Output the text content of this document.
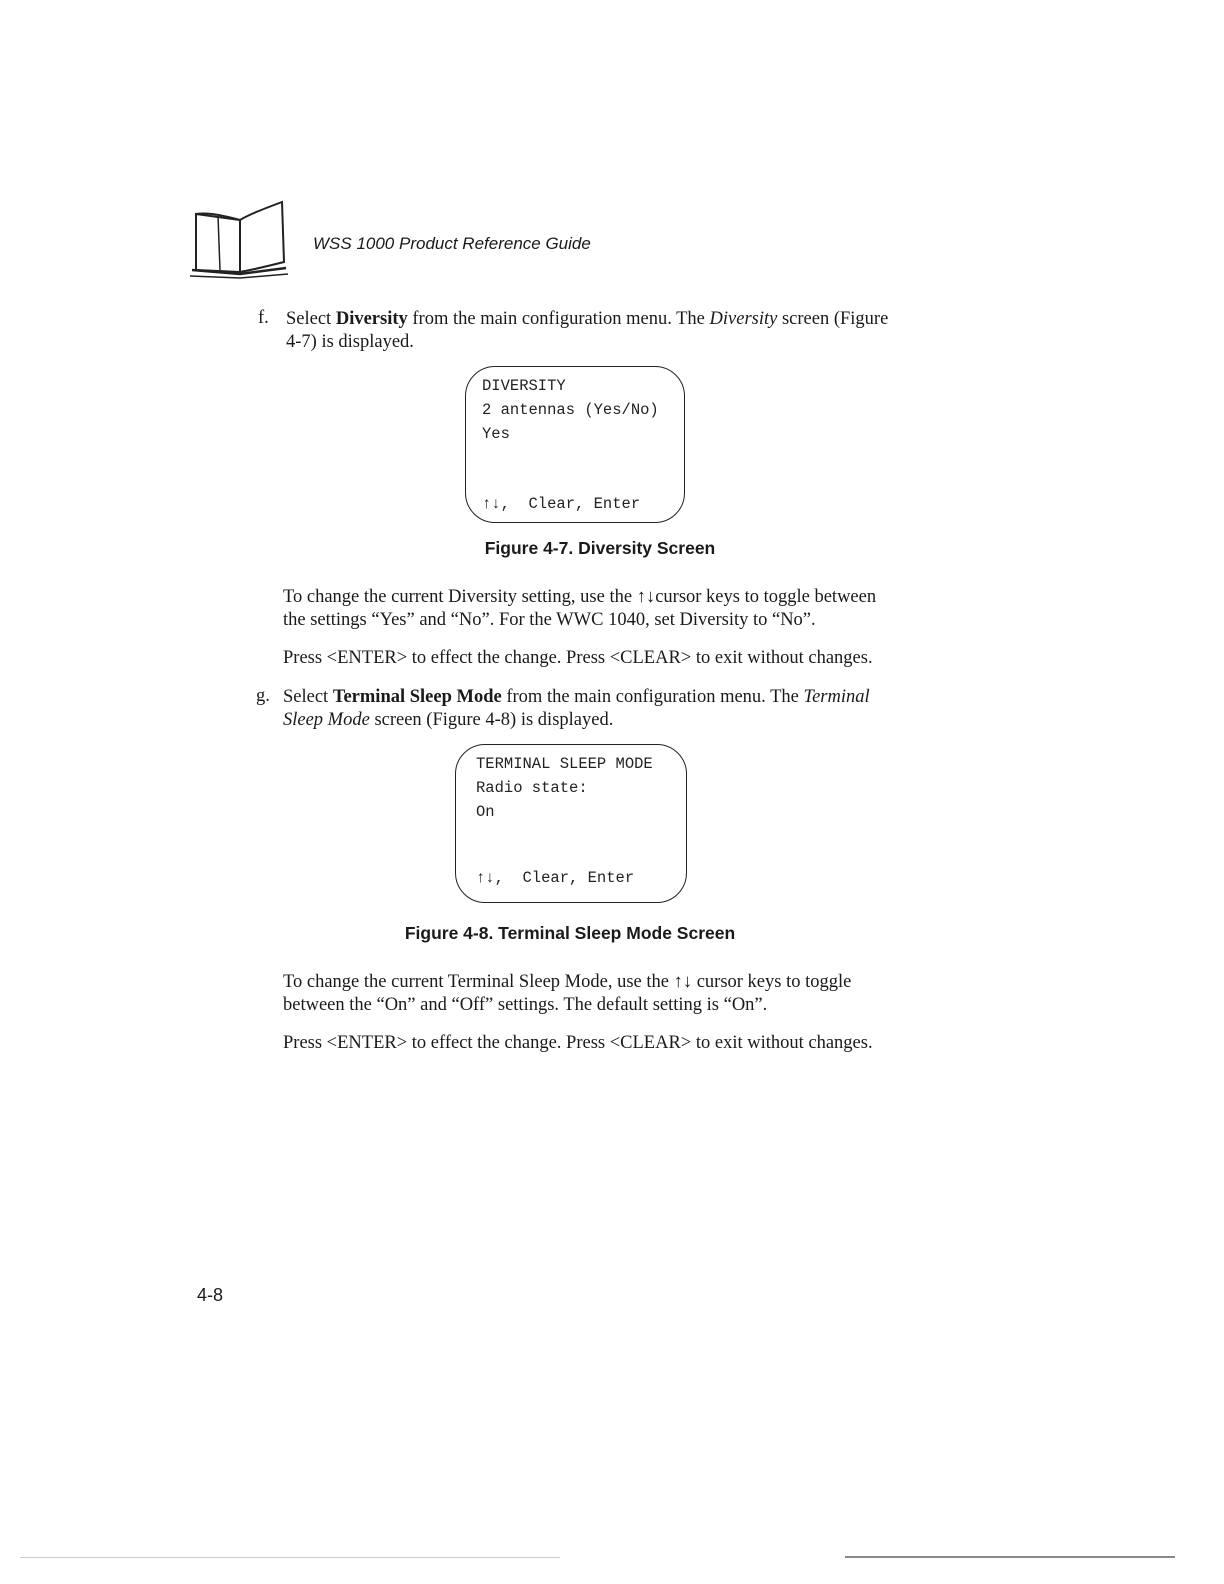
WSS 1000 Product Reference Guide
f. Select Diversity from the main configuration menu. The Diversity screen (Figure
4-7) is displayed.
DIVERSITY
2 antennas (Yes/No)
Yes
↑↓,  Clear, Enter
Figure 4-7. Diversity Screen
To change the current Diversity setting, use the ↑↓cursor keys to toggle between
the settings “Yes” and “No”. For the WWC 1040, set Diversity to “No”.
Press <ENTER> to effect the change. Press <CLEAR> to exit without changes.
g. Select Terminal Sleep Mode from the main configuration menu. The Terminal
Sleep Mode screen (Figure 4-8) is displayed.
TERMINAL SLEEP MODE
Radio state:
On
↑↓,  Clear, Enter
Figure 4-8. Terminal Sleep Mode Screen
To change the current Terminal Sleep Mode, use the ↑↓ cursor keys to toggle
between the “On” and “Off” settings. The default setting is “On”.
Press <ENTER> to effect the change. Press <CLEAR> to exit without changes.
4-8
